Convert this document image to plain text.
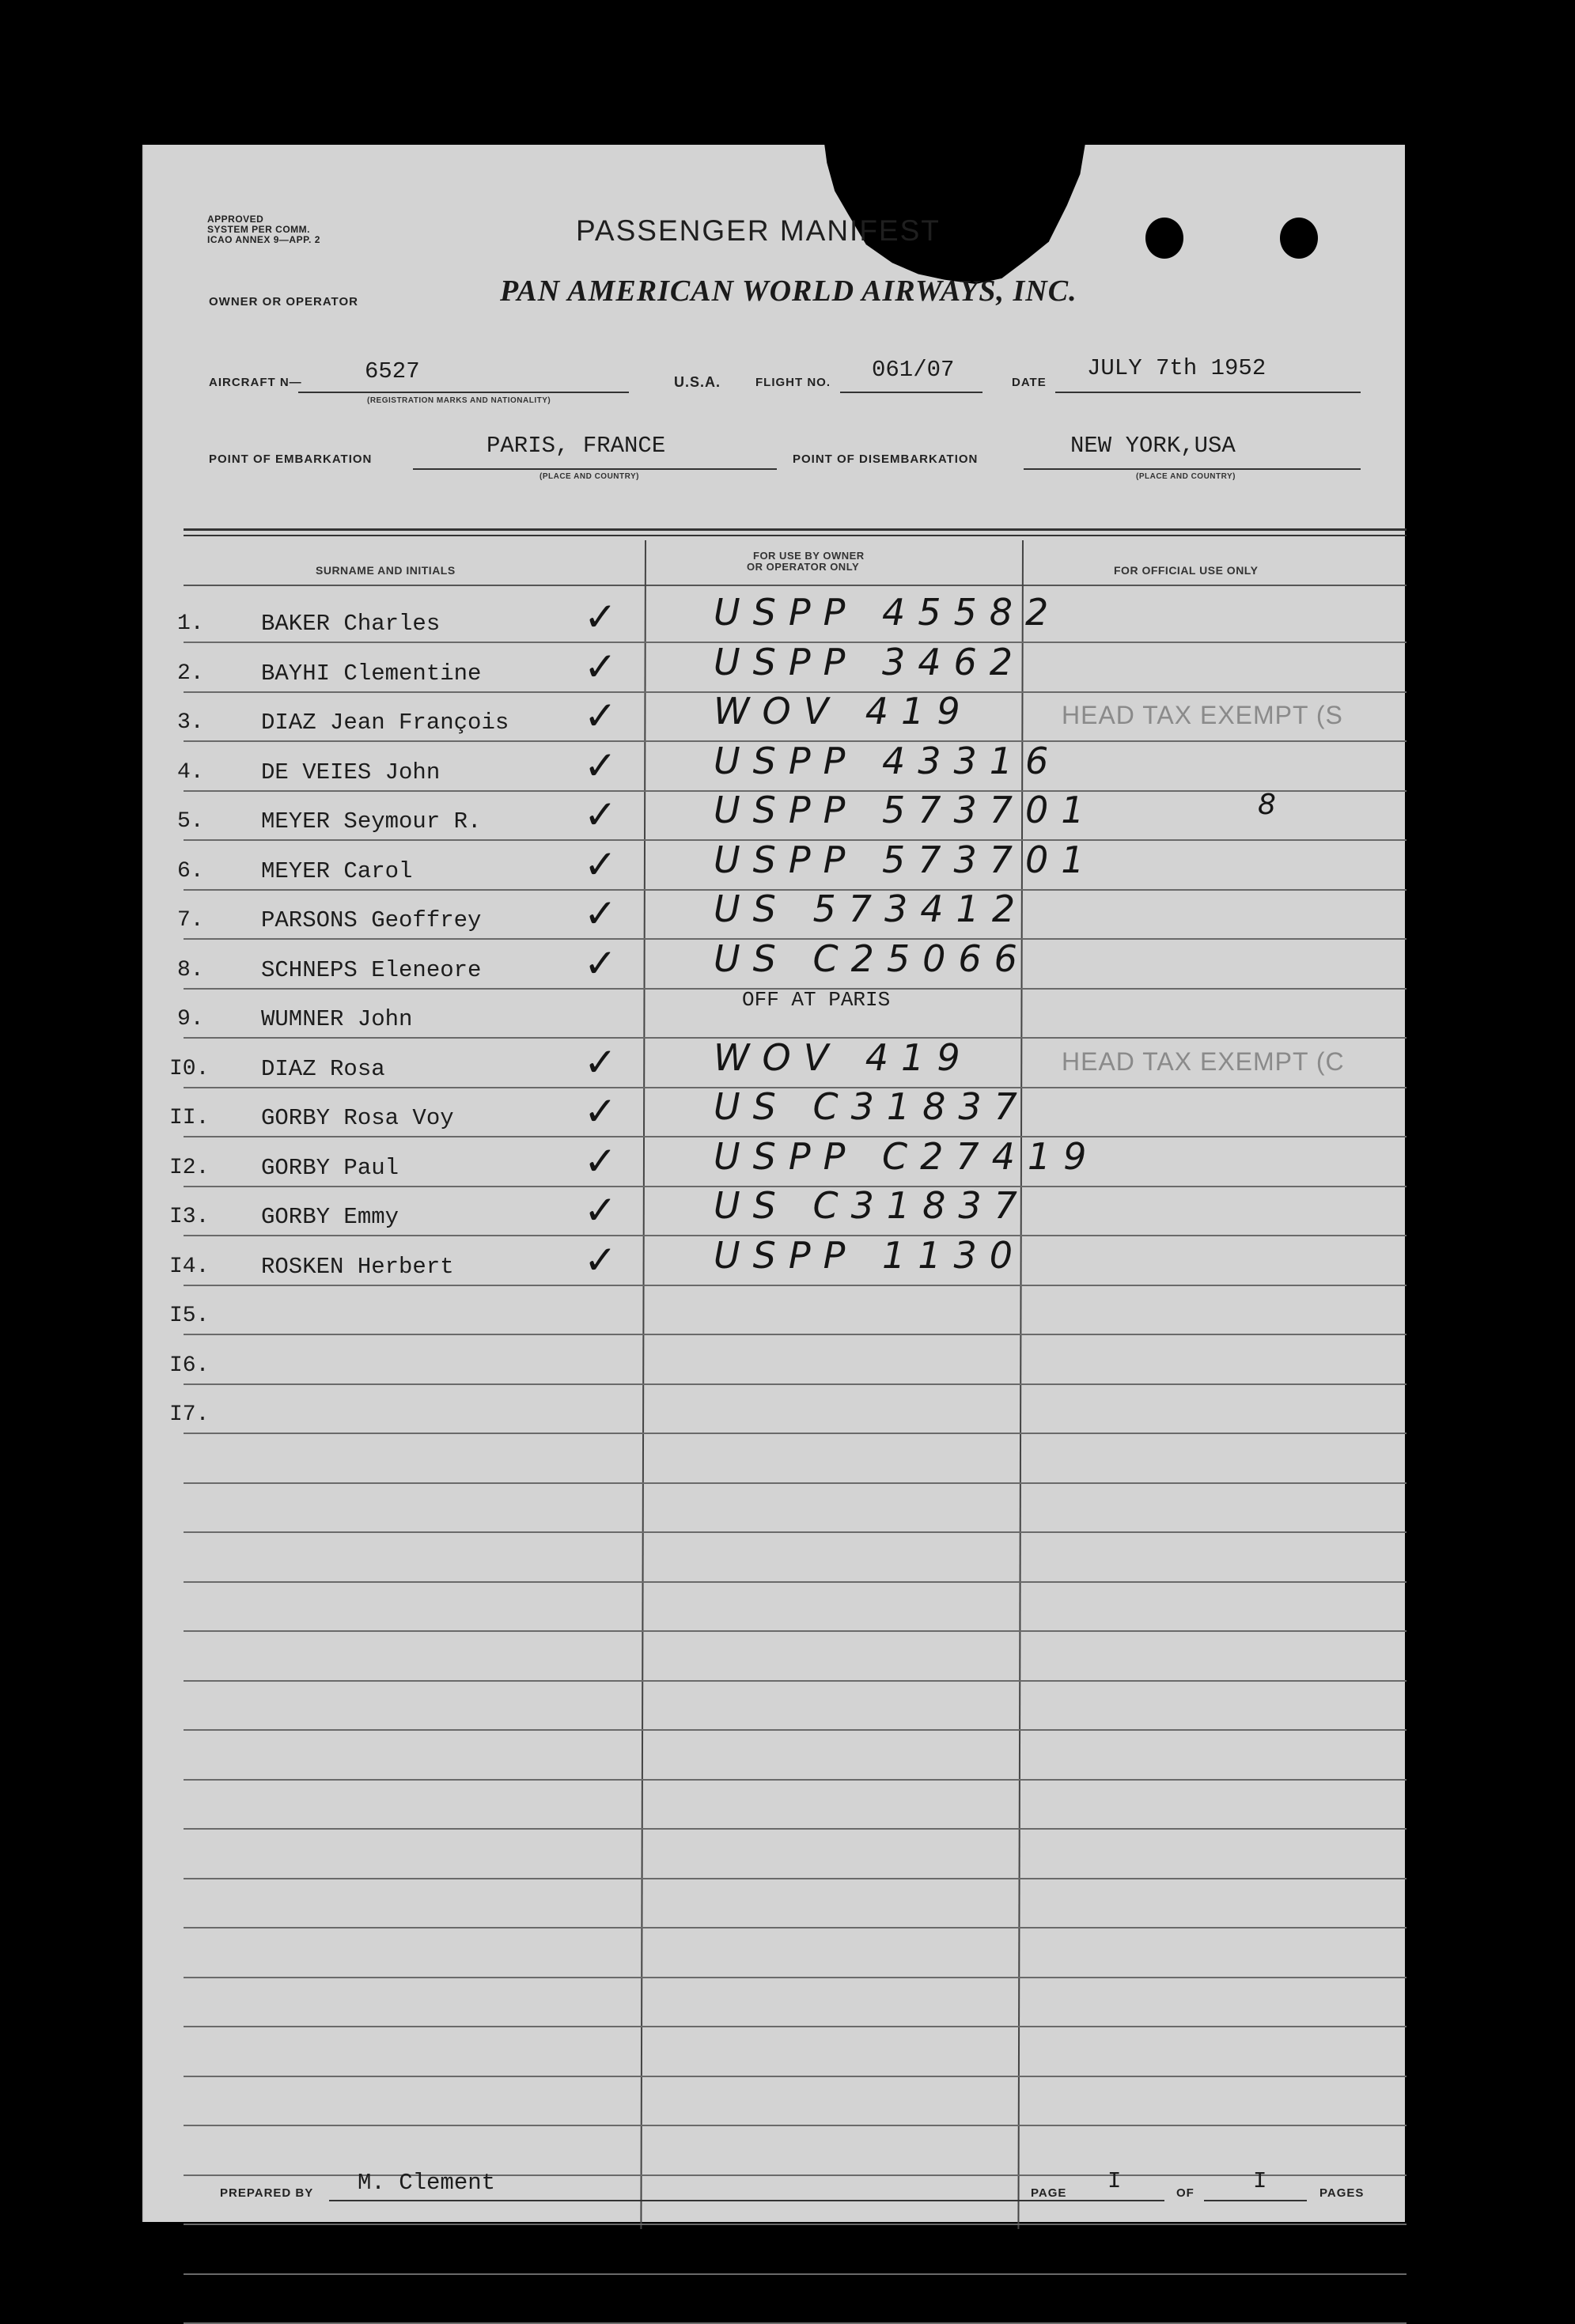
APPROVED
SYSTEM PER COMM.
ICAO ANNEX 9—APP. 2	PASSENGER MANIFEST
OWNER OR OPERATOR	PAN AMERICAN WORLD AIRWAYS, INC.
AIRCRAFT N—	6527
(REGISTRATION MARKS AND NATIONALITY)
U.S.A.	FLIGHT NO. 061/07	DATE
JULY 7th 1952
POINT OF EMBARKATION
PARIS, FRANCE
(PLACE AND COUNTRY)
POINT OF DISEMBARKATION
NEW YORK,USA
(PLACE AND COUNTRY)
SURNAME AND INITIALS
FOR USE BY OWNER
OR OPERATOR ONLY	FOR OFFICIAL USE ONLY
1. BAKER Charles	✓	USPP 45582
2. BAYHI Clementine	✓	USPP 3462
3. DIAZ Jean François ✓	WOV 419	HEAD TAX EXEMPT (S
4. DE VEIES John	✓	USPP 43316
5. MEYER Seymour R.	✓	USPP 573701	8
6. MEYER Carol	✓	USPP 573701
7. PARSONS Geoffrey	✓	US 573412
8. SCHNEPS Eleneore	✓	US C25066
9. WUMNER John
OFF AT PARIS
I0. DIAZ Rosa	✓	WOV 419	HEAD TAX EXEMPT (C
II. GORBY Rosa Voy	✓	US C31837
I2. GORBY Paul	✓	USPP C27419
I3. GORBY Emmy	✓	US C31837
I4. ROSKEN Herbert	✓	USPP 1130
I5.
I6.
I7.
PREPARED BY M. Clement	PAGE I	OF	I	PAGES
